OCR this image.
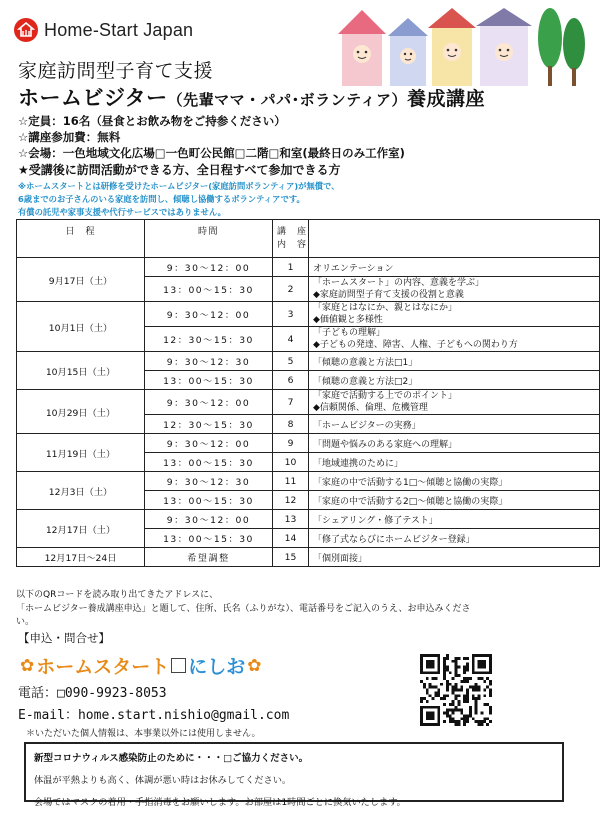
Home-Start Japan
家庭訪問型子育て支援
ホームビジター（先輩ママ・パパ･ボランティア）養成講座
☆定員：16名（昼食とお飲み物をご持参ください）
☆講座参加費：無料
☆会場：一色地域文化広場□一色町公民館□二階□和室(最終日のみ工作室)
★受講後に訪問活動ができる方、全日程すべて参加できる方
※ホームスタートとは研修を受けたホームビジター(家庭訪問ボランティア)が無償で、
6歳までのお子さんのいる家庭を訪問し、傾聴し協働するボランティアです。
有償の託児や家事支援や代行サービスではありません。
日　程	時間	講　座
内　容	

9月17日（土）	9：30～12：00	1	オリエンテーション
	13：00～15：30	2	「ホームスタート」の内容、意義を学ぶ」
◆家庭訪問型子育て支援の役割と意義

10月1日（土）	9：30～12：00	3	「家庭とはなにか、親とはなにか」
◆価値観と多様性

	12：30～15：30	4	「子どもの理解」
◆子どもの発達、障害、人権、子どもへの関わり方

10月15日（土）	9：30～12：30	5	「傾聴の意義と方法□1」
	13：00～15：30	6	「傾聴の意義と方法□2」
10月29日（土）	9：30～12：00	7	「家庭で活動する上でのポイント」
◆信頼関係、倫理、危機管理

	12：30～15：30	8	「ホームビジターの実務」
11月19日（土）	9：30～12：00	9	「問題や悩みのある家庭への理解」
	13：00～15：30	10	「地域連携のために」
12月3日（土）	9：30～12：30	11	「家庭の中で活動する1□～傾聴と協働の実際」
	13：00～15：30	12	「家庭の中で活動する2□～傾聴と協働の実際」
12月17日（土）	9：30～12：00	13	「シェアリング・修了テスト」
	13：00～15：30	14	「修了式ならびにホームビジター登録」
12月17日～24日	希望調整	15	「個別面接」
以下のQRコードを読み取り出てきたアドレスに、
「ホームビジター養成講座申込」と題して、住所、氏名（ふりがな）、電話番号をご記入のうえ、お申込みくださ
い。
【申込・問合せ】
✿ ホームスタート にしお ✿
電話：□090-9923-8053
E-mail：home.start.nishio@gmail.com
＊いただいた個人情報は、本事業以外には使用しません。
新型コロナウィルス感染防止のために・・・□ご協力ください。
体温が平熱よりも高く、体調が悪い時はお休みしてください。
会場ではマスクの着用・手指消毒をお願いします。お部屋は1時間ごとに換気いたします。
